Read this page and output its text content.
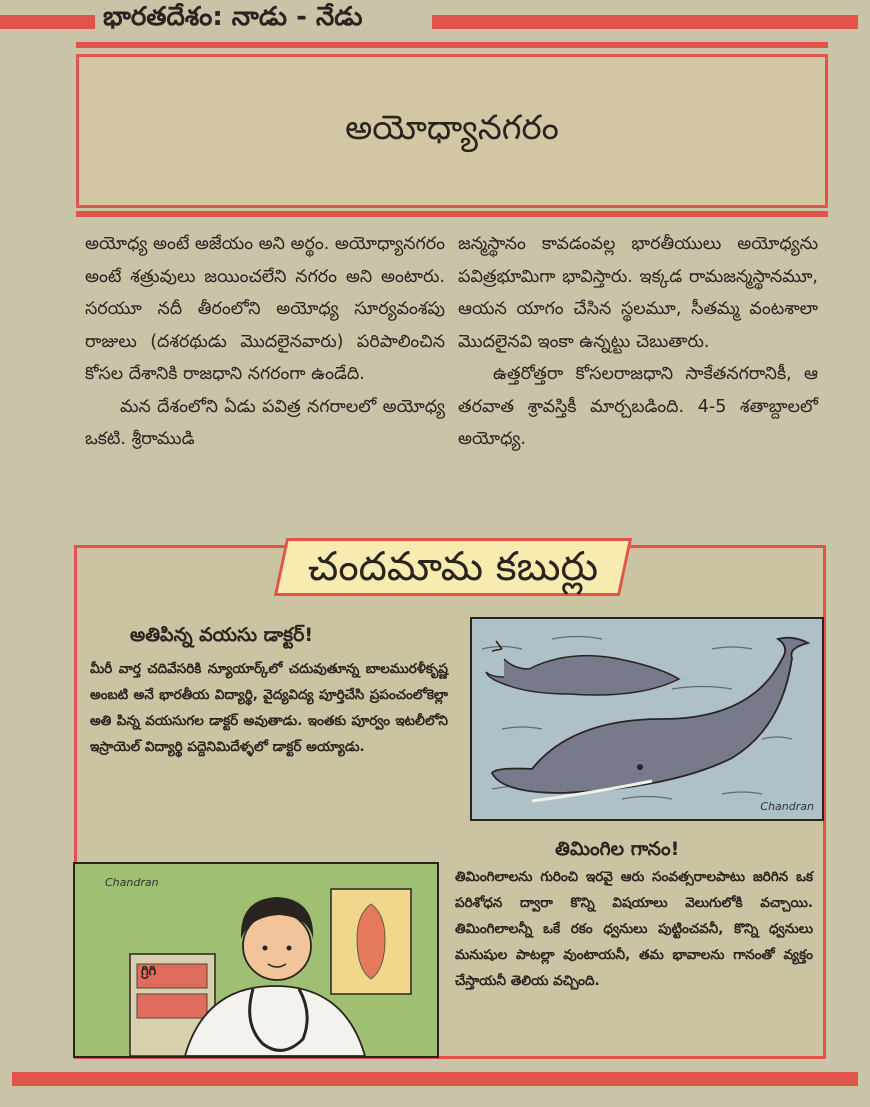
భారతదేశం: నాడు - నేడు
అయోధ్యానగరం

అయోధ్య అంటే అజేయం అని అర్థం. అయోధ్యానగరం అంటే శత్రువులు జయించలేని నగరం అని అంటారు. సరయూ నదీ తీరంలోని అయోధ్య సూర్యవంశపు రాజులు (దశరథుడు మొదలైనవారు) పరిపాలించిన కోసల దేశానికి రాజధాని నగరంగా ఉండేది.

మన దేశంలోని ఏడు పవిత్ర నగరాలలో అయోధ్య ఒకటి. శ్రీరాముడి

జన్మస్థానం కావడంవల్ల భారతీయులు అయోధ్యను పవిత్రభూమిగా భావిస్తారు. ఇక్కడ రామజన్మస్థానమూ, ఆయన యాగం చేసిన స్థలమూ, సీతమ్మ వంటశాలా మొదలైనవి ఇంకా ఉన్నట్టు చెబుతారు.

ఉత్తరోత్తరా కోసలరాజధాని సాకేతనగరానికీ, ఆ తరవాత శ్రావస్తికీ మార్చబడింది. 4-5 శతాబ్దాలలో అయోధ్య.

చందమామ కబుర్లు
అతిపిన్న వయసు డాక్టర్!
మీరీ వార్త చదివేసరికి న్యూయార్క్‌లో చదువుతూన్న బాలమురళీకృష్ణ అంబటి అనే భారతీయ విద్యార్థి, వైద్యవిద్య పూర్తిచేసి ప్రపంచంలోకెల్లా అతి పిన్న వయసుగల డాక్టర్ అవుతాడు. ఇంతకు పూర్వం ఇటలీలోని ఇస్రాయెల్ విద్యార్థి పద్దెనిమిదేళ్ళలో డాక్టర్ అయ్యాడు.
Chandran
తిమింగిల గానం!
తిమింగిలాలను గురించి ఇరవై ఆరు సంవత్సరాలపాటు జరిగిన ఒక పరిశోధన ద్వారా కొన్ని విషయాలు వెలుగులోకి వచ్చాయి. తిమింగిలాలన్నీ ఒకే రకం ధ్వనులు పుట్టించవనీ, కొన్ని ధ్వనులు మనుషుల పాటల్లా వుంటాయనీ, తమ భావాలను గానంతో వ్యక్తం చేస్తాయనీ తెలియ వచ్చింది.
Chandran
గ్రిగి
